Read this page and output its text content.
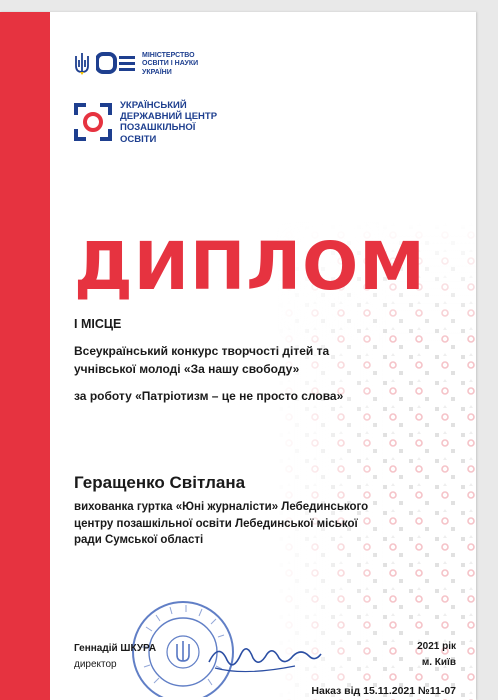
МІНІСТЕРСТВО
ОСВІТИ І НАУКИ
УКРАЇНИ
УКРАЇНСЬКИЙ
ДЕРЖАВНИЙ ЦЕНТР
ПОЗАШКІЛЬНОЇ
ОСВІТИ
ДИПЛОМ
І МІСЦЕ
Всеукраїнський конкурс творчості дітей та учнівської молоді «За нашу свободу»
за роботу «Патріотизм – це не просто слова»
Геращенко Світлана
вихованка гуртка «Юні журналісти» Лебединського центру позашкільної освіти Лебединської міської ради Сумської області
Геннадій ШКУРА
директор
2021 рік
м. Київ
Наказ від 15.11.2021 №11-07
